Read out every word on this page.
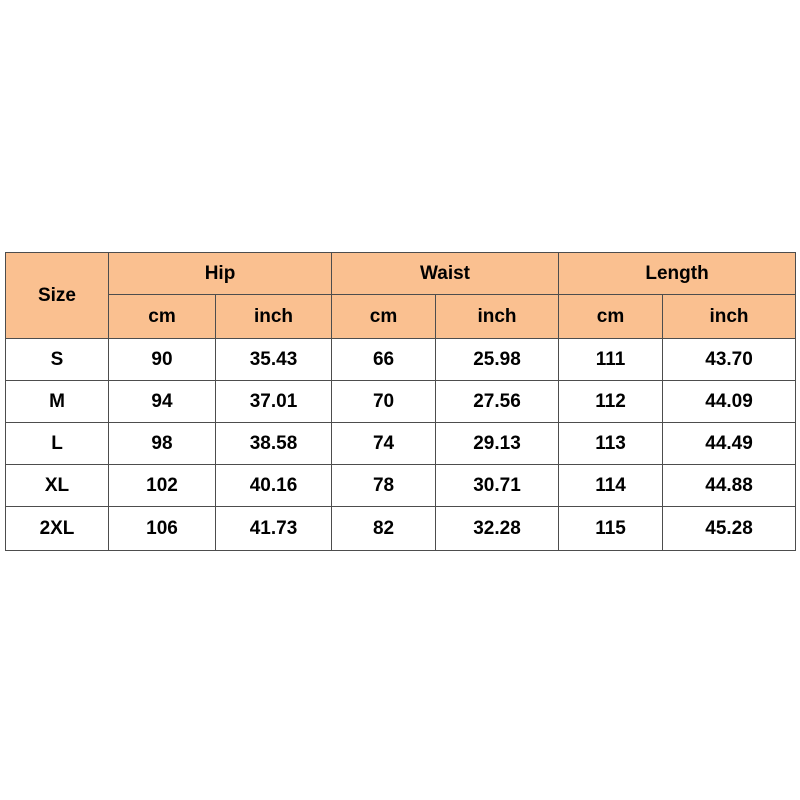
Size	Hip		Waist		Length	
	cm	inch	cm	inch	cm	inch
S	90	35.43	66	25.98	111	43.70
M	94	37.01	70	27.56	112	44.09
L	98	38.58	74	29.13	113	44.49
XL	102	40.16	78	30.71	114	44.88
2XL	106	41.73	82	32.28	115	45.28
